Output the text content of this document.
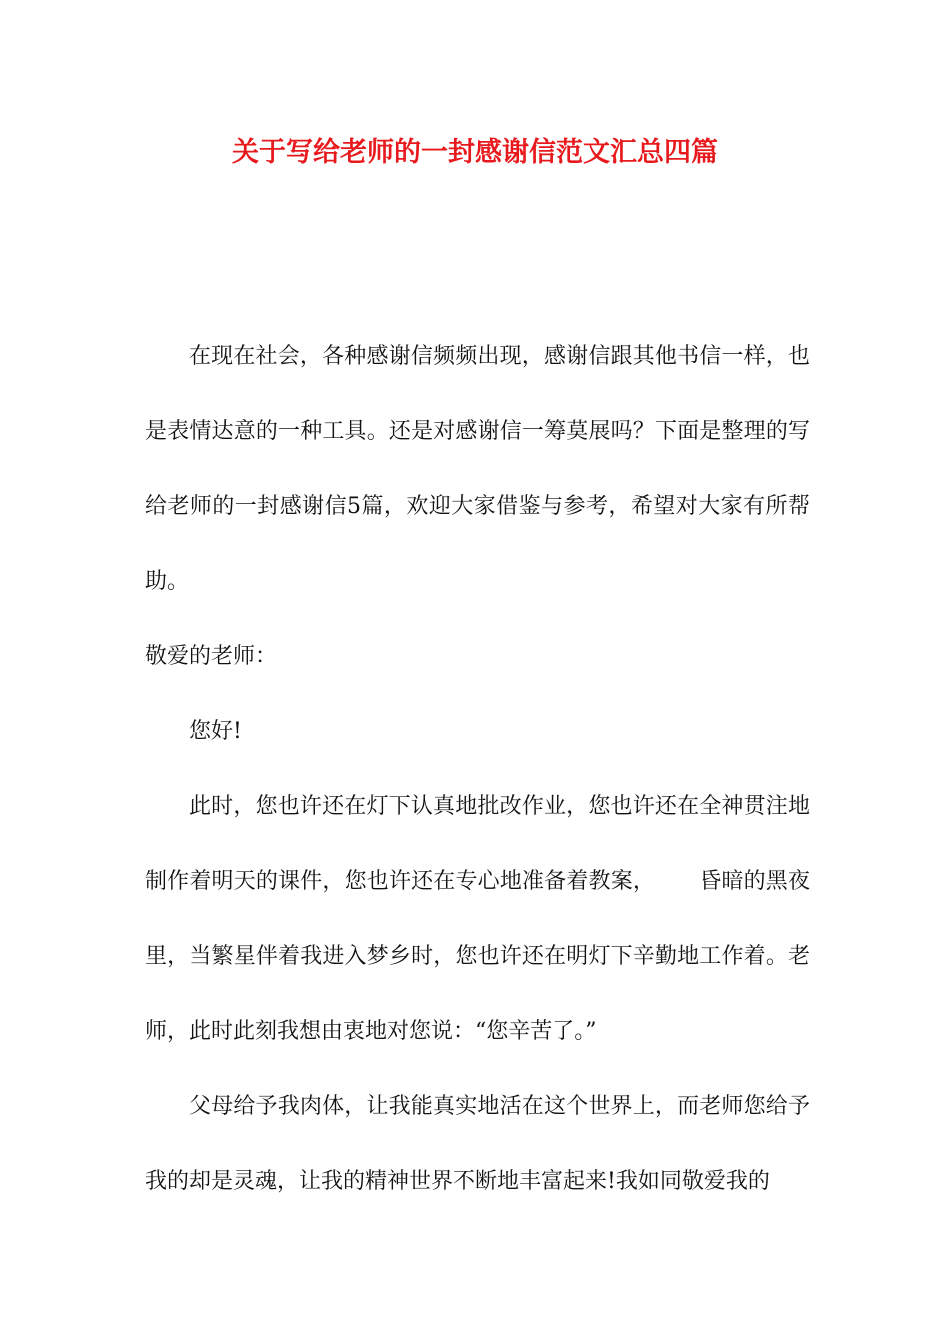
关于写给老师的一封感谢信范文汇总四篇

在现在社会，各种感谢信频频出现，感谢信跟其他书信一样，也是表情达意的一种工具。还是对感谢信一筹莫展吗？下面是整理的写给老师的一封感谢信5篇，欢迎大家借鉴与参考，希望对大家有所帮助。

敬爱的老师：

您好!

此时，您也许还在灯下认真地批改作业，您也许还在全神贯注地制作着明天的课件，您也许还在专心地准备着教案， 昏暗的黑夜里，当繁星伴着我进入梦乡时，您也许还在明灯下辛勤地工作着。老师，此时此刻我想由衷地对您说：“您辛苦了。”

父母给予我肉体，让我能真实地活在这个世界上，而老师您给予我的却是灵魂，让我的精神世界不断地丰富起来!我如同敬爱我的
